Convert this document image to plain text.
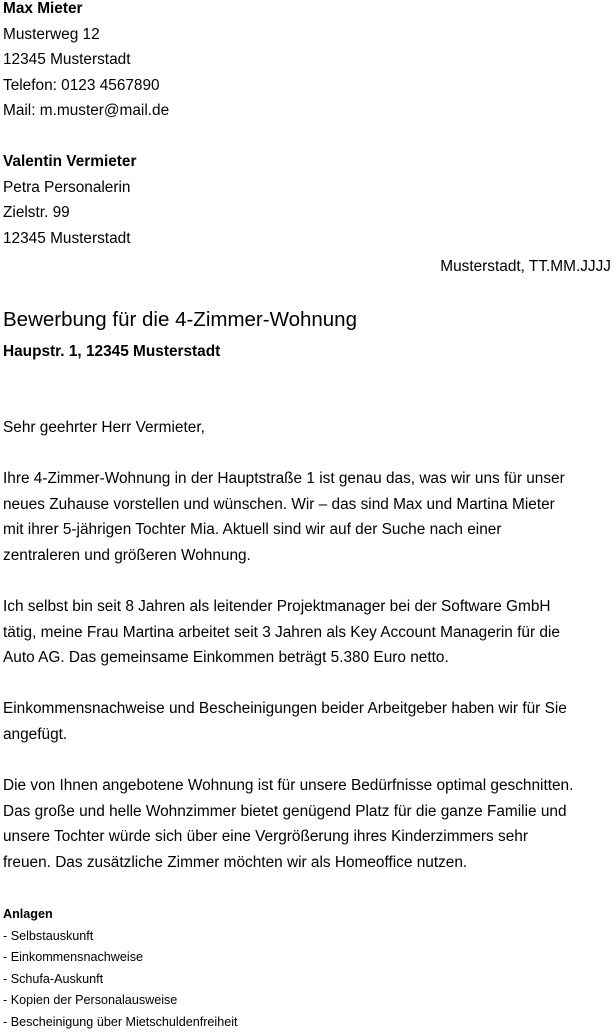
Max Mieter
Musterweg 12
12345 Musterstadt
Telefon: 0123 4567890
Mail: m.muster@mail.de
Valentin Vermieter
Petra Personalerin
Zielstr. 99
12345 Musterstadt
Musterstadt, TT.MM.JJJJ
Bewerbung für die 4-Zimmer-Wohnung
Haupstr. 1, 12345 Musterstadt

Sehr geehrter Herr Vermieter,

Ihre 4-Zimmer-Wohnung in der Hauptstraße 1 ist genau das, was wir uns für unser
neues Zuhause vorstellen und wünschen. Wir – das sind Max und Martina Mieter
mit ihrer 5-jährigen Tochter Mia. Aktuell sind wir auf der Suche nach einer
zentraleren und größeren Wohnung.

Ich selbst bin seit 8 Jahren als leitender Projektmanager bei der Software GmbH
tätig, meine Frau Martina arbeitet seit 3 Jahren als Key Account Managerin für die
Auto AG. Das gemeinsame Einkommen beträgt 5.380 Euro netto.

Einkommensnachweise und Bescheinigungen beider Arbeitgeber haben wir für Sie
angefügt.

Die von Ihnen angebotene Wohnung ist für unsere Bedürfnisse optimal geschnitten.
Das große und helle Wohnzimmer bietet genügend Platz für die ganze Familie und
unsere Tochter würde sich über eine Vergrößerung ihres Kinderzimmers sehr
freuen. Das zusätzliche Zimmer möchten wir als Homeoffice nutzen.

Anlagen
- Selbstauskunft
- Einkommensnachweise
- Schufa-Auskunft
- Kopien der Personalausweise
- Bescheinigung über Mietschuldenfreiheit
